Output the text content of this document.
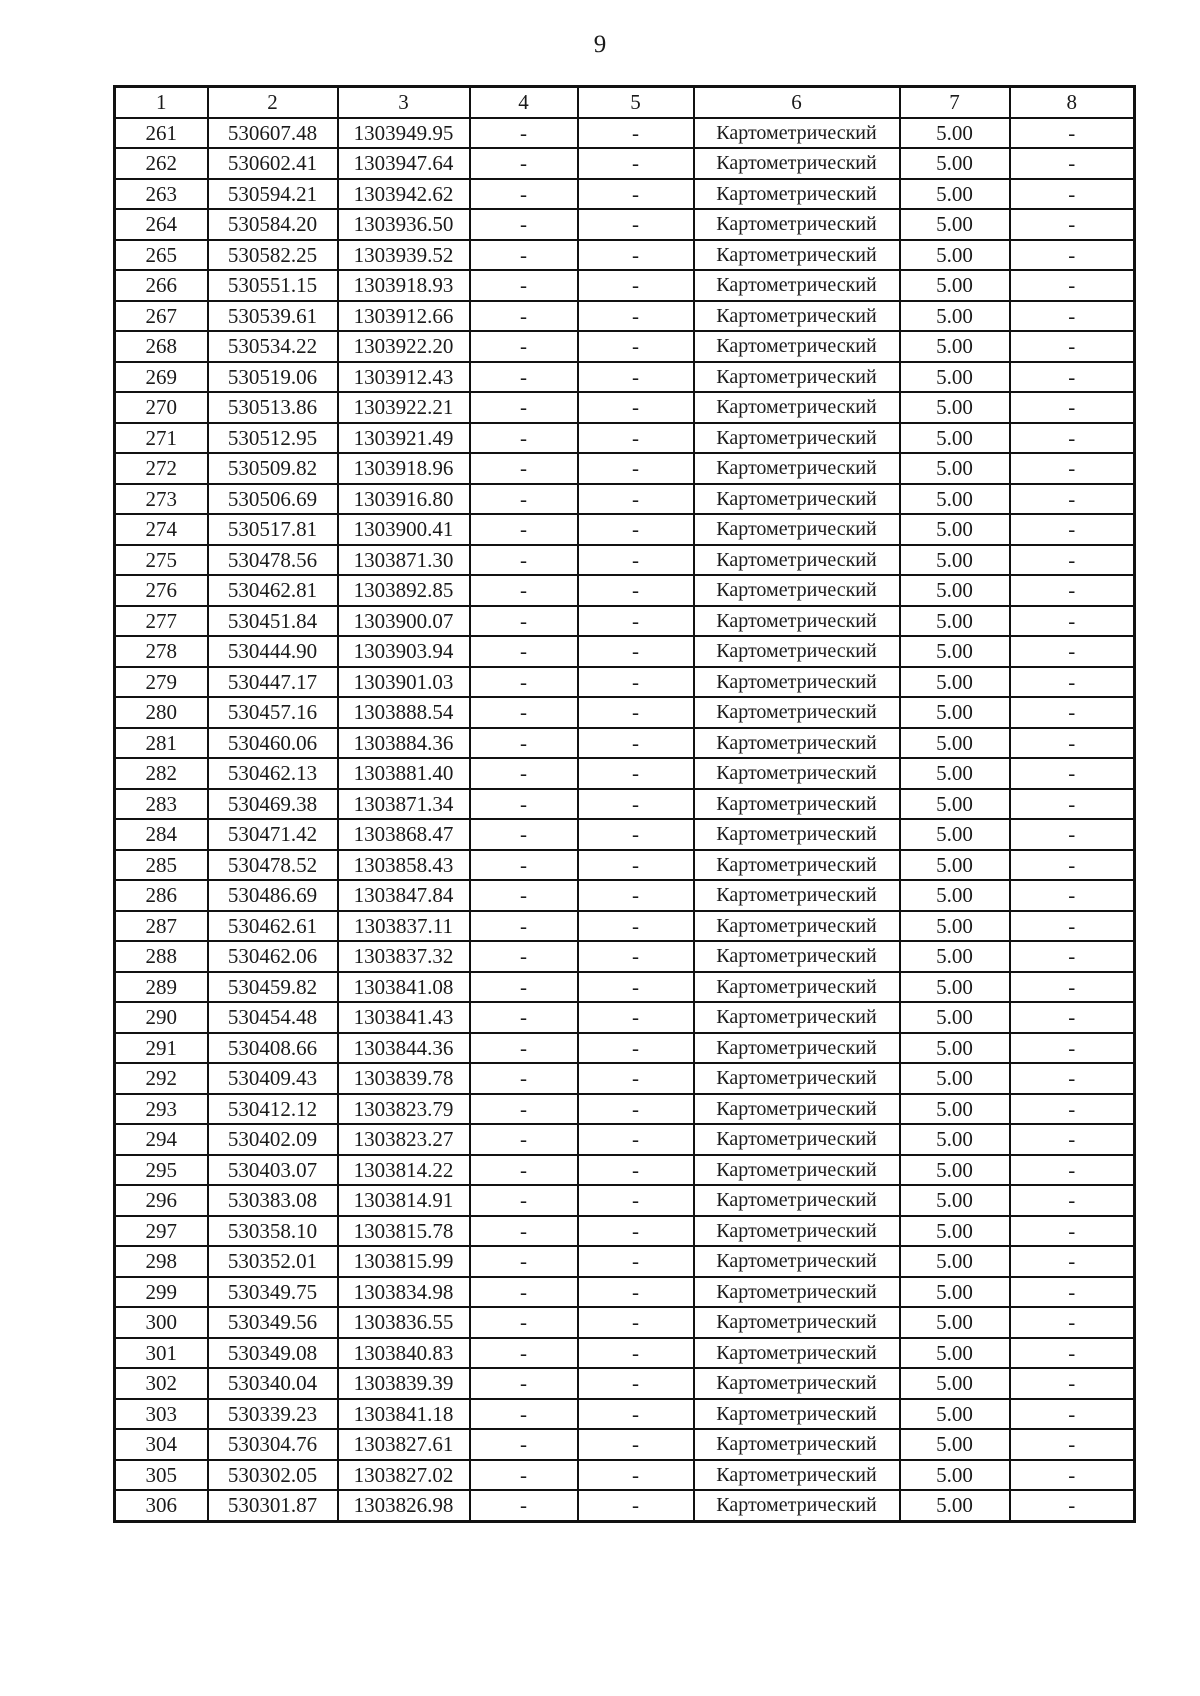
9
1	2	3	4	5	6	7	8
261	530607.48	1303949.95	-	-	Картометрический	5.00	-
262	530602.41	1303947.64	-	-	Картометрический	5.00	-
263	530594.21	1303942.62	-	-	Картометрический	5.00	-
264	530584.20	1303936.50	-	-	Картометрический	5.00	-
265	530582.25	1303939.52	-	-	Картометрический	5.00	-
266	530551.15	1303918.93	-	-	Картометрический	5.00	-
267	530539.61	1303912.66	-	-	Картометрический	5.00	-
268	530534.22	1303922.20	-	-	Картометрический	5.00	-
269	530519.06	1303912.43	-	-	Картометрический	5.00	-
270	530513.86	1303922.21	-	-	Картометрический	5.00	-
271	530512.95	1303921.49	-	-	Картометрический	5.00	-
272	530509.82	1303918.96	-	-	Картометрический	5.00	-
273	530506.69	1303916.80	-	-	Картометрический	5.00	-
274	530517.81	1303900.41	-	-	Картометрический	5.00	-
275	530478.56	1303871.30	-	-	Картометрический	5.00	-
276	530462.81	1303892.85	-	-	Картометрический	5.00	-
277	530451.84	1303900.07	-	-	Картометрический	5.00	-
278	530444.90	1303903.94	-	-	Картометрический	5.00	-
279	530447.17	1303901.03	-	-	Картометрический	5.00	-
280	530457.16	1303888.54	-	-	Картометрический	5.00	-
281	530460.06	1303884.36	-	-	Картометрический	5.00	-
282	530462.13	1303881.40	-	-	Картометрический	5.00	-
283	530469.38	1303871.34	-	-	Картометрический	5.00	-
284	530471.42	1303868.47	-	-	Картометрический	5.00	-
285	530478.52	1303858.43	-	-	Картометрический	5.00	-
286	530486.69	1303847.84	-	-	Картометрический	5.00	-
287	530462.61	1303837.11	-	-	Картометрический	5.00	-
288	530462.06	1303837.32	-	-	Картометрический	5.00	-
289	530459.82	1303841.08	-	-	Картометрический	5.00	-
290	530454.48	1303841.43	-	-	Картометрический	5.00	-
291	530408.66	1303844.36	-	-	Картометрический	5.00	-
292	530409.43	1303839.78	-	-	Картометрический	5.00	-
293	530412.12	1303823.79	-	-	Картометрический	5.00	-
294	530402.09	1303823.27	-	-	Картометрический	5.00	-
295	530403.07	1303814.22	-	-	Картометрический	5.00	-
296	530383.08	1303814.91	-	-	Картометрический	5.00	-
297	530358.10	1303815.78	-	-	Картометрический	5.00	-
298	530352.01	1303815.99	-	-	Картометрический	5.00	-
299	530349.75	1303834.98	-	-	Картометрический	5.00	-
300	530349.56	1303836.55	-	-	Картометрический	5.00	-
301	530349.08	1303840.83	-	-	Картометрический	5.00	-
302	530340.04	1303839.39	-	-	Картометрический	5.00	-
303	530339.23	1303841.18	-	-	Картометрический	5.00	-
304	530304.76	1303827.61	-	-	Картометрический	5.00	-
305	530302.05	1303827.02	-	-	Картометрический	5.00	-
306	530301.87	1303826.98	-	-	Картометрический	5.00	-
